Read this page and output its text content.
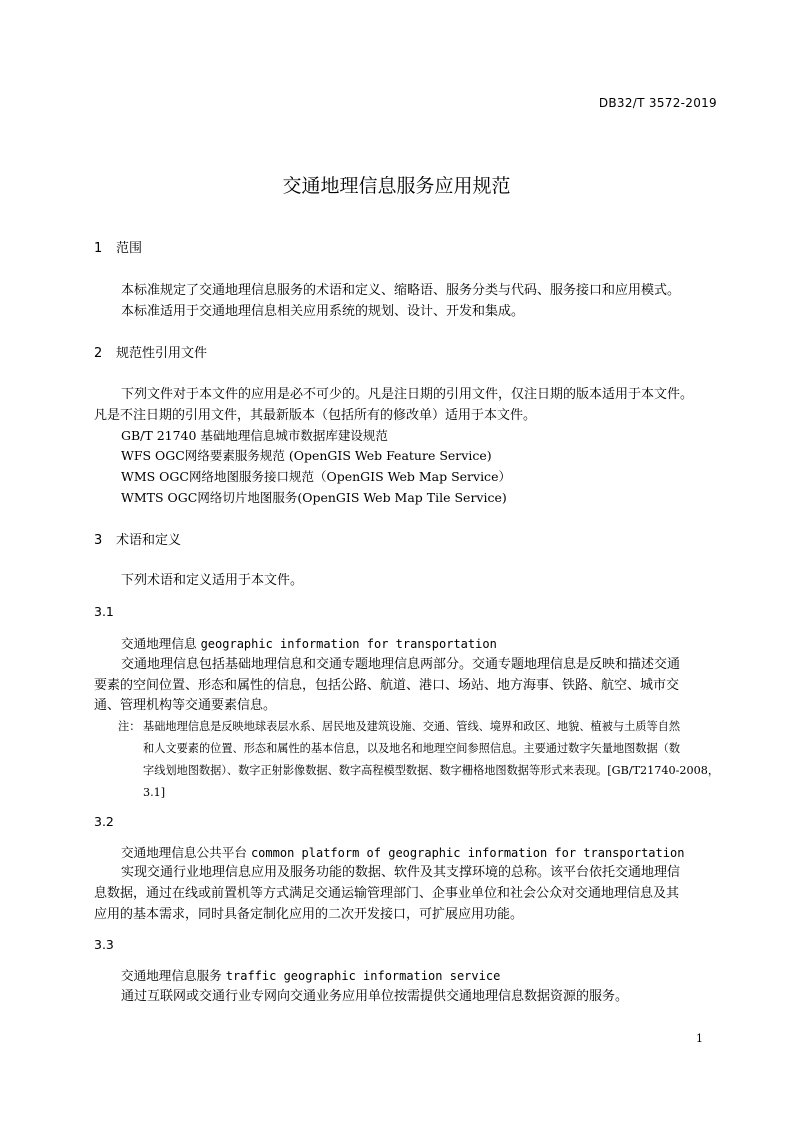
DB32/T 3572-2019
交通地理信息服务应用规范
1 范围
本标准规定了交通地理信息服务的术语和定义、缩略语、服务分类与代码、服务接口和应用模式。
本标准适用于交通地理信息相关应用系统的规划、设计、开发和集成。
2 规范性引用文件
下列文件对于本文件的应用是必不可少的。凡是注日期的引用文件，仅注日期的版本适用于本文件。
凡是不注日期的引用文件，其最新版本（包括所有的修改单）适用于本文件。
GB/T 21740 基础地理信息城市数据库建设规范
WFS OGC网络要素服务规范 (OpenGIS Web Feature Service)
WMS OGC网络地图服务接口规范（OpenGIS Web Map Service）
WMTS OGC网络切片地图服务(OpenGIS Web Map Tile Service)
3 术语和定义
下列术语和定义适用于本文件。
3.1
交通地理信息 geographic information for transportation
交通地理信息包括基础地理信息和交通专题地理信息两部分。交通专题地理信息是反映和描述交通
要素的空间位置、形态和属性的信息，包括公路、航道、港口、场站、地方海事、铁路、航空、城市交
通、管理机构等交通要素信息。
注： 基础地理信息是反映地球表层水系、居民地及建筑设施、交通、管线、境界和政区、地貌、植被与土质等自然
和人文要素的位置、形态和属性的基本信息，以及地名和地理空间参照信息。主要通过数字矢量地图数据（数
字线划地图数据）、数字正射影像数据、数字高程模型数据、数字栅格地图数据等形式来表现。[GB/T21740-2008，
3.1]
3.2
交通地理信息公共平台 common platform of geographic information for transportation
实现交通行业地理信息应用及服务功能的数据、软件及其支撑环境的总称。该平台依托交通地理信
息数据，通过在线或前置机等方式满足交通运输管理部门、企事业单位和社会公众对交通地理信息及其
应用的基本需求，同时具备定制化应用的二次开发接口，可扩展应用功能。
3.3
交通地理信息服务 traffic geographic information service
通过互联网或交通行业专网向交通业务应用单位按需提供交通地理信息数据资源的服务。
1
